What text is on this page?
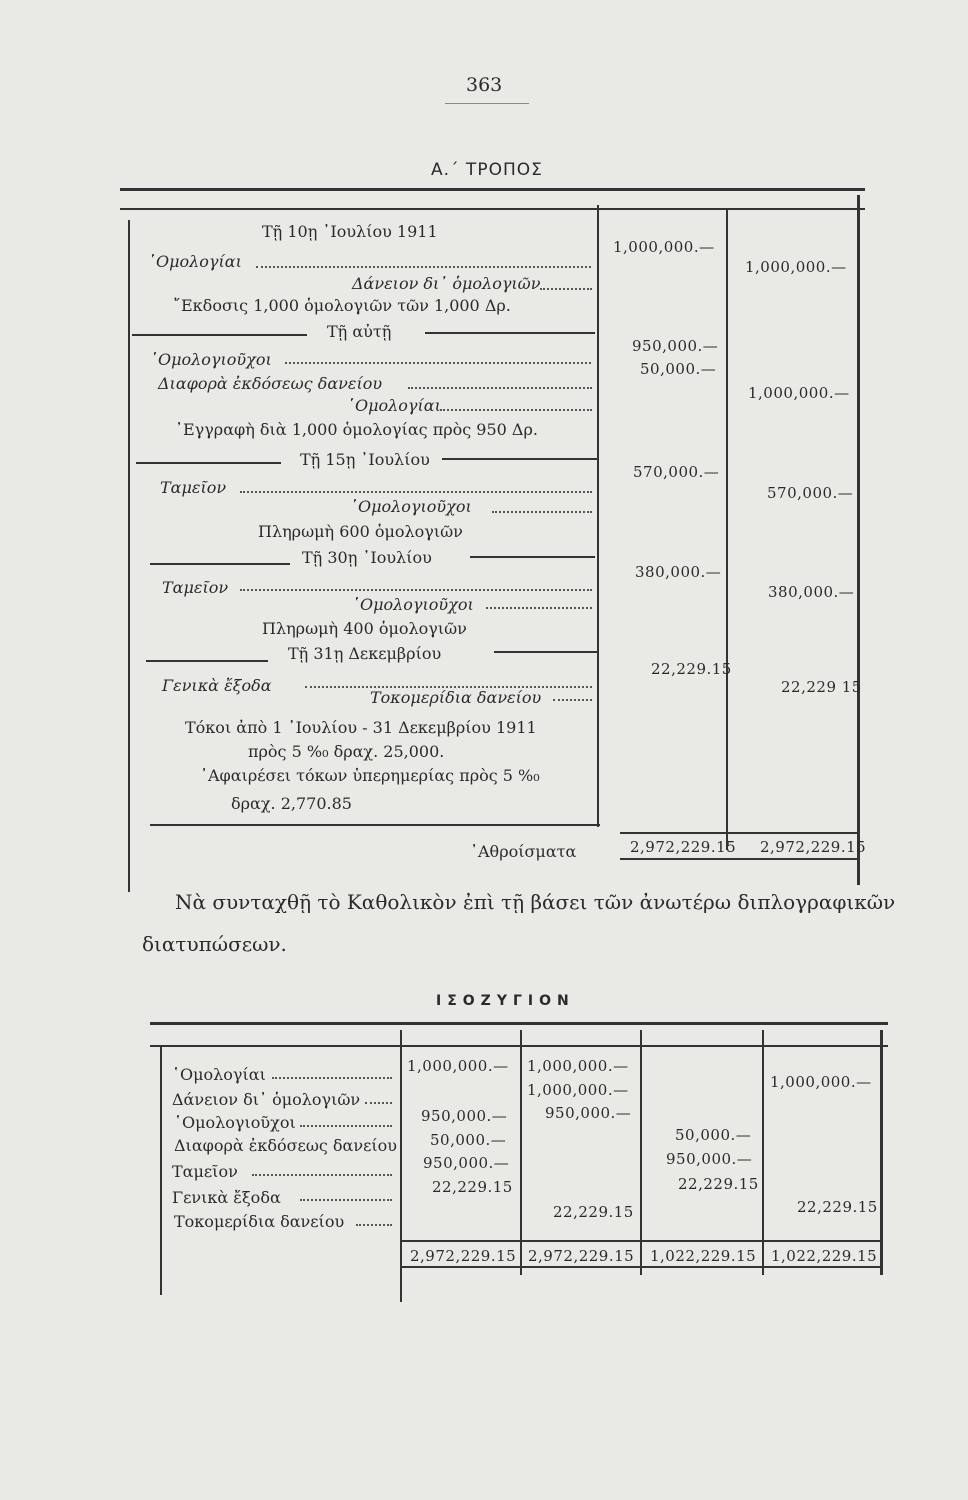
363
Α.΄ ΤΡΟΠΟΣ
Τῇ 10ῃ ᾿Ιουλίου 1911
῾Ομολογίαι
Δάνειον δι᾽ ὁμολογιῶν
1,000,000.—
1,000,000.—
῎Εκδοσις 1,000 ὁμολογιῶν τῶν 1,000 Δρ.
Τῇ αὐτῇ
῾Ομολογιοῦχοι
Διαφορὰ ἐκδόσεως δανείου
῾Ομολογίαι
950,000.—
50,000.—
1,000,000.—
᾿Εγγραφὴ διὰ 1,000 ὁμολογίας πρὸς 950 Δρ.
Τῇ 15ῃ ᾿Ιουλίου
Ταμεῖον
῾Ομολογιοῦχοι
570,000.—
570,000.—
Πληρωμὴ 600 ὁμολογιῶν
Τῇ 30ῃ ᾿Ιουλίου
Ταμεῖον
῾Ομολογιοῦχοι
380,000.—
380,000.—
Πληρωμὴ 400 ὁμολογιῶν
Τῇ 31ῃ Δεκεμβρίου
Γενικὰ ἔξοδα
Τοκομερίδια δανείου
22,229.15
22,229 15
Τόκοι ἀπὸ 1 ᾿Ιουλίου - 31 Δεκεμβρίου 1911
πρὸς 5 %₀ δραχ. 25,000.
᾿Αφαιρέσει τόκων ὑπερημερίας πρὸς 5 %₀
δραχ. 2,770.85
᾿Αθροίσματα	2,972,229.15 2,972,229.15
Νὰ συνταχθῇ τὸ Καθολικὸν ἐπὶ τῇ βάσει τῶν ἀνωτέρω διπλογραφικῶν
διατυπώσεων.
ΙΣΟΖΥΓΙΟΝ
῾Ομολογίαι
Δάνειον δι᾽ ὁμολογιῶν
῾Ομολογιοῦχοι
Διαφορὰ ἐκδόσεως δανείου
Ταμεῖον
Γενικὰ ἔξοδα
Τοκομερίδια δανείου
1,000,000.—
950,000.—
50,000.—
950,000.—
22,229.15
1,000,000.—
1,000,000.—
950,000.—
22,229.15
50,000.—
950,000.—
22,229.15
1,000,000.—
22,229.15
2,972,229.15 2,972,229.15 1,022,229.15 1,022,229.15
